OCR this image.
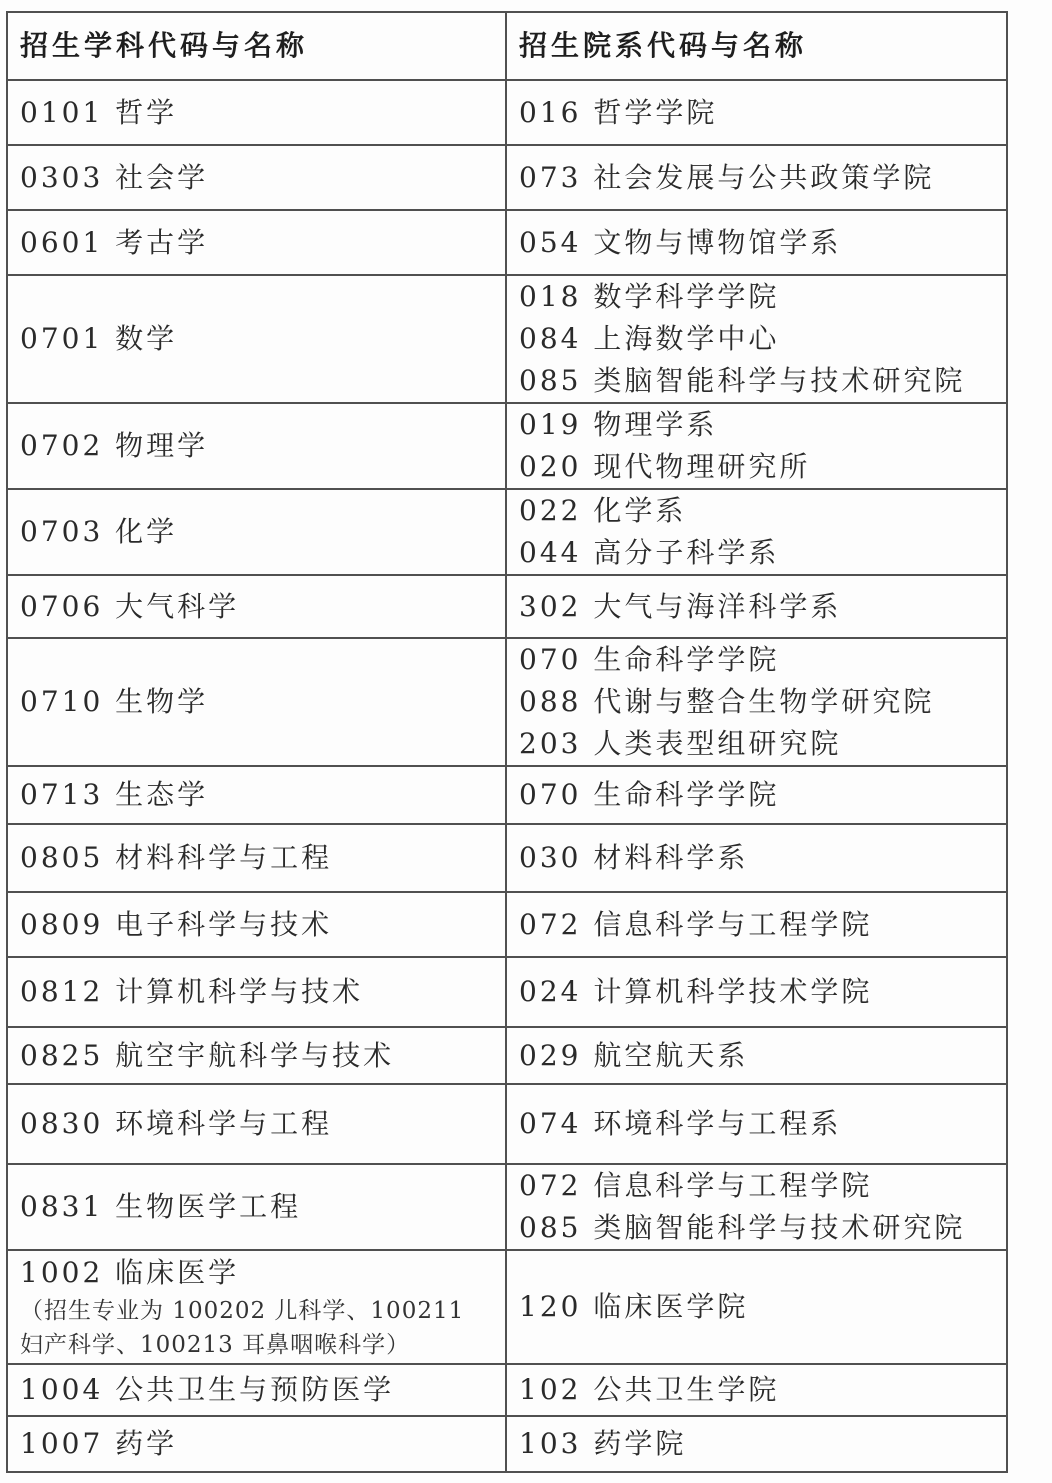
招生学科代码与名称	招生院系代码与名称
0101 哲学	016 哲学学院

0303 社会学	073 社会发展与公共政策学院

0601 考古学	054 文物与博物馆学系

0701 数学	018 数学科学学院
084 上海数学中心
085 类脑智能科学与技术研究院

0702 物理学	019 物理学系
020 现代物理研究所

0703 化学	022 化学系
044 高分子科学系

0706 大气科学	302 大气与海洋科学系

0710 生物学	070 生命科学学院
088 代谢与整合生物学研究院
203 人类表型组研究院

0713 生态学	070 生命科学学院

0805 材料科学与工程	030 材料科学系

0809 电子科学与技术	072 信息科学与工程学院

0812 计算机科学与技术	024 计算机科学技术学院

0825 航空宇航科学与技术	029 航空航天系

0830 环境科学与工程	074 环境科学与工程系

0831 生物医学工程	072 信息科学与工程学院
085 类脑智能科学与技术研究院

1002 临床医学
（招生专业为 100202 儿科学、100211
妇产科学、100213 耳鼻咽喉科学）	120 临床医学院

1004 公共卫生与预防医学	102 公共卫生学院

1007 药学	103 药学院
